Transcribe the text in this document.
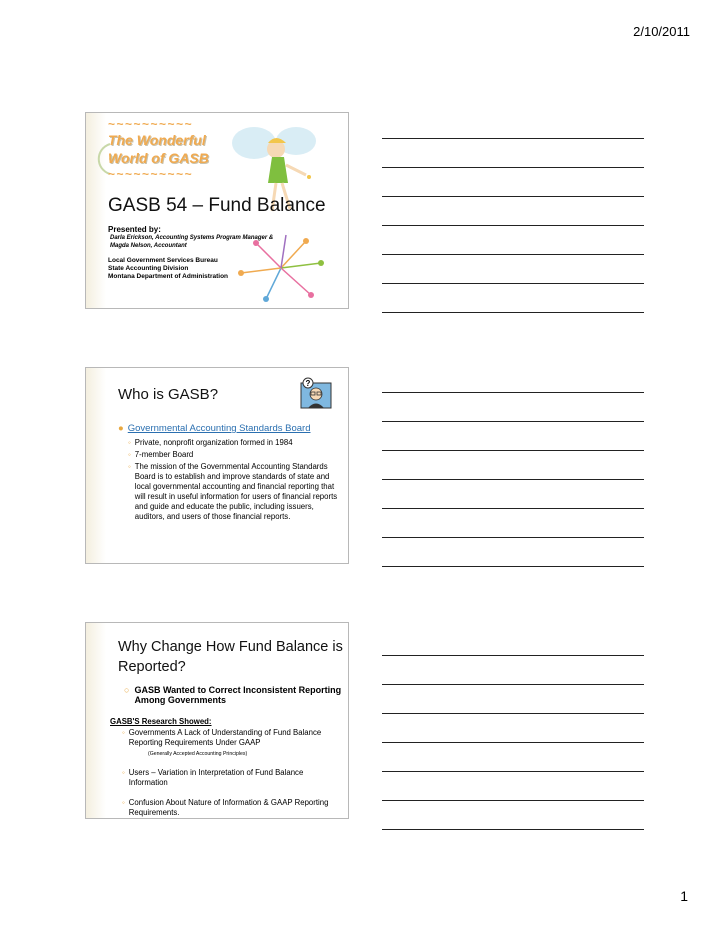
2/10/2011
~~~~~~~~~~
The Wonderful
World of GASB
~~~~~~~~~~
GASB 54 – Fund Balance
Presented by:
Darla Erickson, Accounting Systems Program Manager &
Magda Nelson, Accountant
Local Government Services Bureau
State Accounting Division
Montana Department of Administration
?
Who is GASB?
● Governmental Accounting Standards Board
◦ Private, nonprofit organization formed in 1984
◦ 7-member Board
◦ The mission of the Governmental Accounting Standards Board is to establish and improve standards of state and local governmental accounting and financial reporting that will result in useful information for users of financial reports and guide and educate the public, including issuers, auditors, and users of those financial reports.
Why Change How Fund Balance is
Reported?
○ GASB Wanted to Correct Inconsistent Reporting Among Governments
GASB'S Research Showed:
◦ Governments A Lack of Understanding of Fund Balance Reporting Requirements Under GAAP
(Generally Accepted Accounting Principles)
◦ Users – Variation in Interpretation of Fund Balance Information
◦ Confusion About Nature of Information & GAAP Reporting Requirements.
1
